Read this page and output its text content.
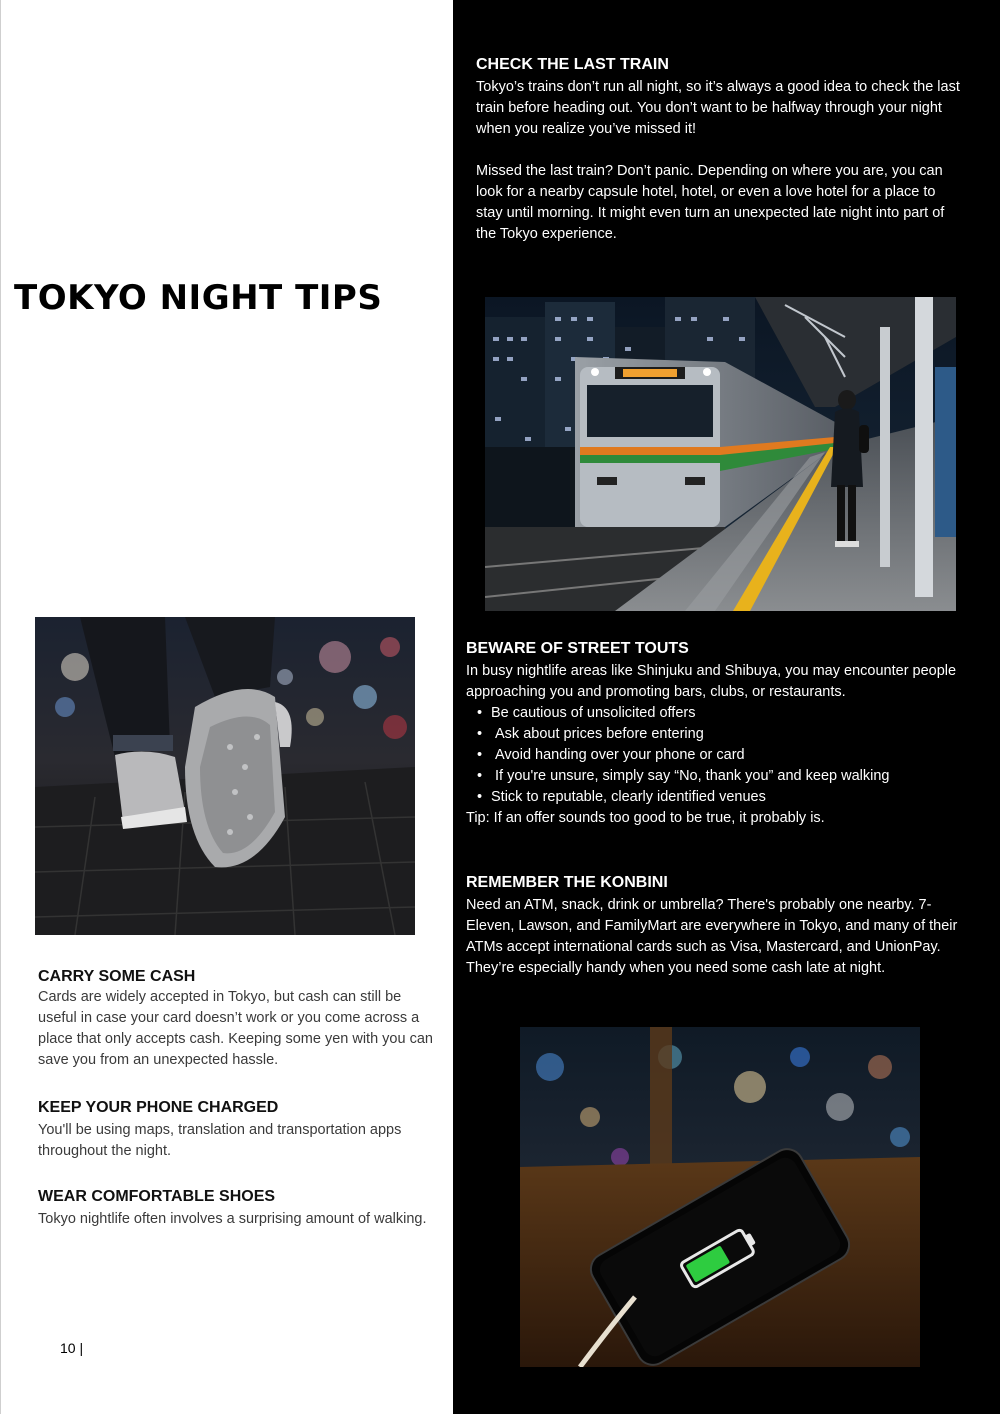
TOKYO NIGHT TIPS
CHECK THE LAST TRAIN

Tokyo’s trains don’t run all night, so it’s always a good idea to check the last train before heading out. You don’t want to be halfway through your night when you realize you’ve missed it!

Missed the last train? Don’t panic. Depending on where you are, you can look for a nearby capsule hotel, hotel, or even a love hotel for a place to stay until morning. It might even turn an unexpected late night into part of the Tokyo experience.

BEWARE OF STREET TOUTS

In busy nightlife areas like Shinjuku and Shibuya, you may encounter people approaching you and promoting bars, clubs, or restaurants.

• Be cautious of unsolicited offers
• Ask about prices before entering
• Avoid handing over your phone or card
• If you're unsure, simply say “No, thank you” and keep walking
• Stick to reputable, clearly identified venues

Tip: If an offer sounds too good to be true, it probably is.

REMEMBER THE KONBINI

Need an ATM, snack, drink or umbrella? There's probably one nearby. 7-Eleven, Lawson, and FamilyMart are everywhere in Tokyo, and many of their ATMs accept international cards such as Visa, Mastercard, and UnionPay. They’re especially handy when you need some cash late at night.

CARRY SOME CASH

Cards are widely accepted in Tokyo, but cash can still be useful in case your card doesn’t work or you come across a place that only accepts cash. Keeping some yen with you can save you from an unexpected hassle.

KEEP YOUR PHONE CHARGED

You'll be using maps, translation and transportation apps throughout the night.

WEAR COMFORTABLE SHOES

Tokyo nightlife often involves a surprising amount of walking.

10 |
